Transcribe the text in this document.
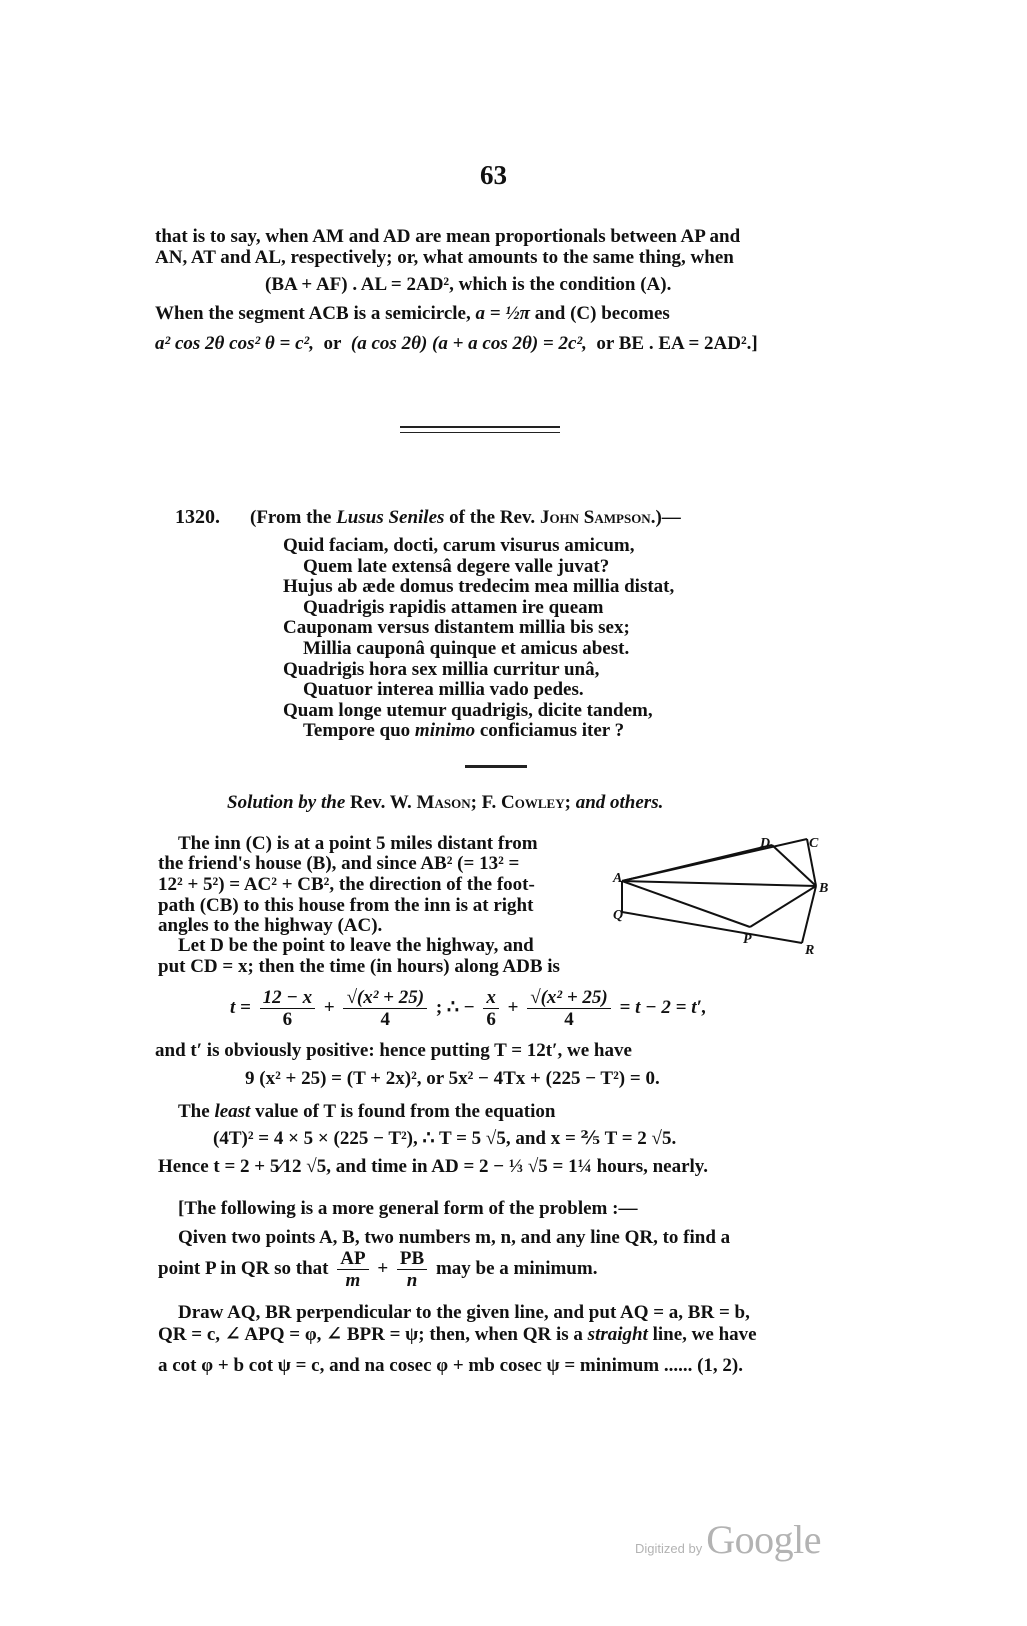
63
that is to say, when AM and AD are mean proportionals between AP and
AN, AT and AL, respectively; or, what amounts to the same thing, when
(BA + AF) . AL = 2AD², which is the condition (A).
When the segment ACB is a semicircle, a = ½π and (C) becomes
a² cos 2θ cos² θ = c², or (a cos 2θ) (a + a cos 2θ) = 2c², or BE . EA = 2AD².]
1320. (From the Lusus Seniles of the Rev. John Sampson.)—
Quid faciam, docti, carum visurus amicum,
Quem late extensâ degere valle juvat?
Hujus ab æde domus tredecim mea millia distat,
Quadrigis rapidis attamen ire queam
Cauponam versus distantem millia bis sex;
Millia cauponâ quinque et amicus abest.
Quadrigis hora sex millia curritur unâ,
Quatuor interea millia vado pedes.
Quam longe utemur quadrigis, dicite tandem,
Tempore quo minimo conficiamus iter ?
Solution by the Rev. W. Mason; F. Cowley; and others.
The inn (C) is at a point 5 miles distant from
the friend's house (B), and since AB² (= 13² =
12² + 5²) = AC² + CB², the direction of the foot-
path (CB) to this house from the inn is at right
angles to the highway (AC).
Let D be the point to leave the highway, and
put CD = x; then the time (in hours) along ADB is
D	C
A
B
Q
P
R
$t = \frac{12 - x}{6} + \frac{\text{√(x² + 25)}}{4}$ ; ∴ − $\frac{x}{6} + \frac{\text{√(x² + 25)}}{4} = t - 2 = t'$,
and t′ is obviously positive: hence putting T = 12t′, we have
9 (x² + 25) = (T + 2x)², or 5x² − 4Tx + (225 − T²) = 0.
The least value of T is found from the equation
(4T)² = 4 × 5 × (225 − T²), ∴ T = 5 √5, and x = ⅖ T = 2 √5.
Hence t = 2 + 5⁄12 √5, and time in AD = 2 − ⅓ √5 = 1¼ hours, nearly.
[The following is a more general form of the problem :—
Qiven two points A, B, two numbers m, n, and any line QR, to find a
point P in QR so that $\frac{AP}{m} + \frac{PB}{n}$ may be a minimum.
Draw AQ, BR perpendicular to the given line, and put AQ = a, BR = b,
QR = c, ∠ APQ = φ, ∠ BPR = ψ; then, when QR is a straight line, we have
a cot φ + b cot ψ = c, and na cosec φ + mb cosec ψ = minimum ...... (1, 2).
Digitized by Google
